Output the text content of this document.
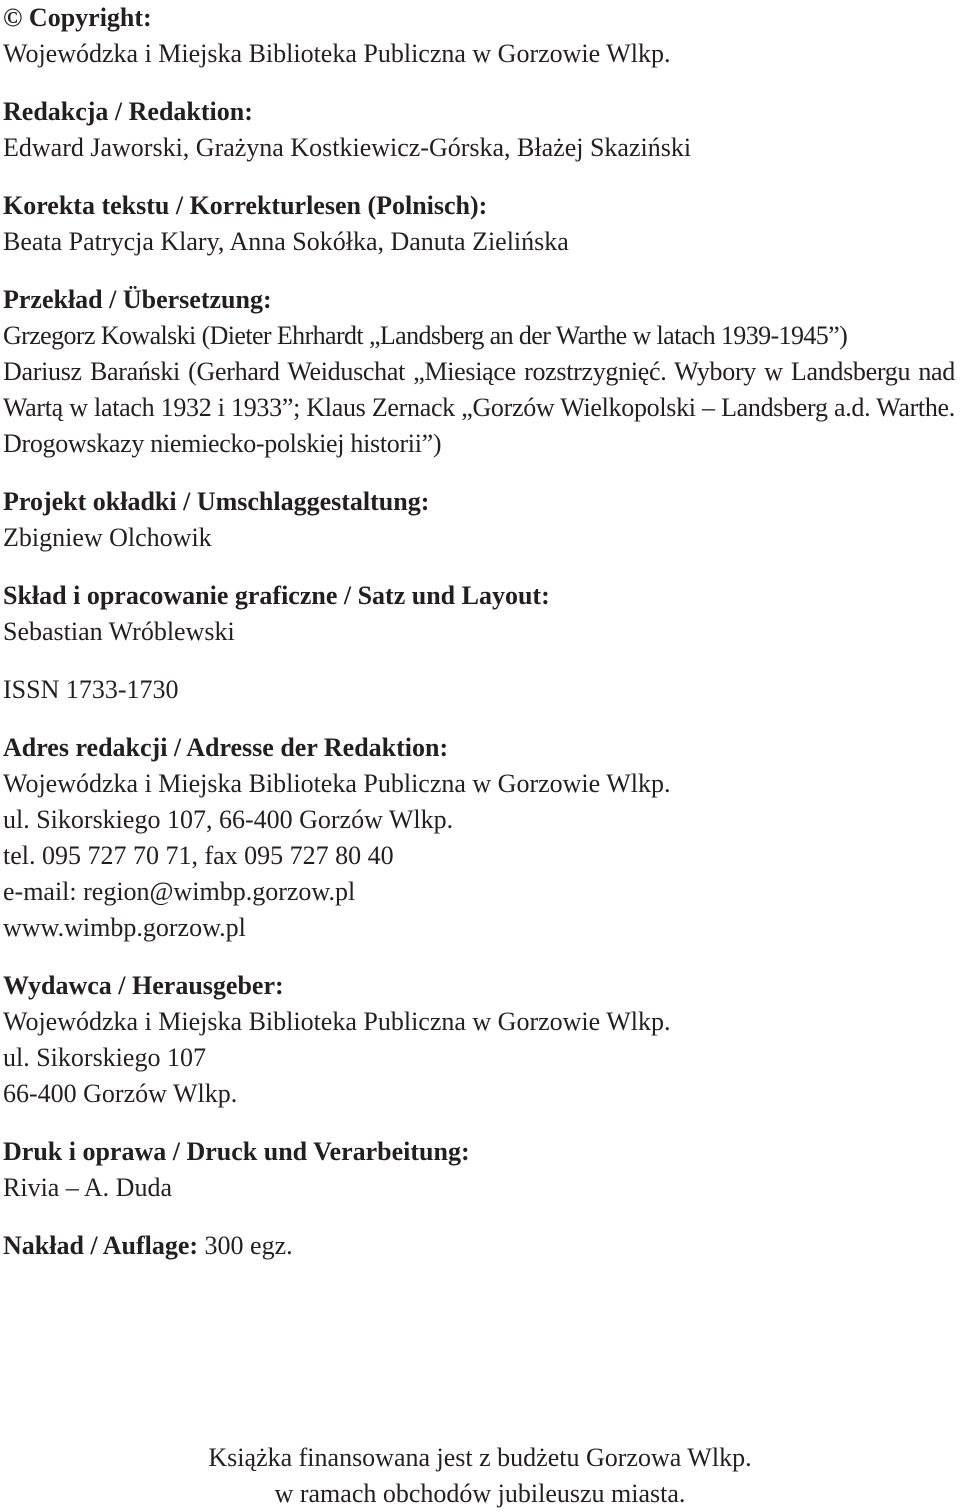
© Copyright:
Wojewódzka i Miejska Biblioteka Publiczna w Gorzowie Wlkp.
Redakcja / Redaktion:
Edward Jaworski, Grażyna Kostkiewicz-Górska, Błażej Skaziński
Korekta tekstu / Korrekturlesen (Polnisch):
Beata Patrycja Klary, Anna Sokółka, Danuta Zielińska
Przekład / Übersetzung:
Grzegorz Kowalski (Dieter Ehrhardt „Landsberg an der Warthe w latach 1939-1945”)
Dariusz Barański (Gerhard Weiduschat „Miesiące rozstrzygnięć. Wybory w Landsbergu nad Wartą w latach 1932 i 1933”; Klaus Zernack „Gorzów Wielkopolski – Landsberg a.d. Warthe. Drogowskazy niemiecko-polskiej historii”)
Projekt okładki / Umschlaggestaltung:
Zbigniew Olchowik
Skład i opracowanie graficzne / Satz und Layout:
Sebastian Wróblewski
ISSN 1733-1730
Adres redakcji / Adresse der Redaktion:
Wojewódzka i Miejska Biblioteka Publiczna w Gorzowie Wlkp.
ul. Sikorskiego 107, 66-400 Gorzów Wlkp.
tel. 095 727 70 71, fax 095 727 80 40
e-mail: region@wimbp.gorzow.pl
www.wimbp.gorzow.pl
Wydawca / Herausgeber:
Wojewódzka i Miejska Biblioteka Publiczna w Gorzowie Wlkp.
ul. Sikorskiego 107
66-400 Gorzów Wlkp.
Druk i oprawa / Druck und Verarbeitung:
Rivia – A. Duda
Nakład / Auflage: 300 egz.
Książka finansowana jest z budżetu Gorzowa Wlkp.
w ramach obchodów jubileuszu miasta.
